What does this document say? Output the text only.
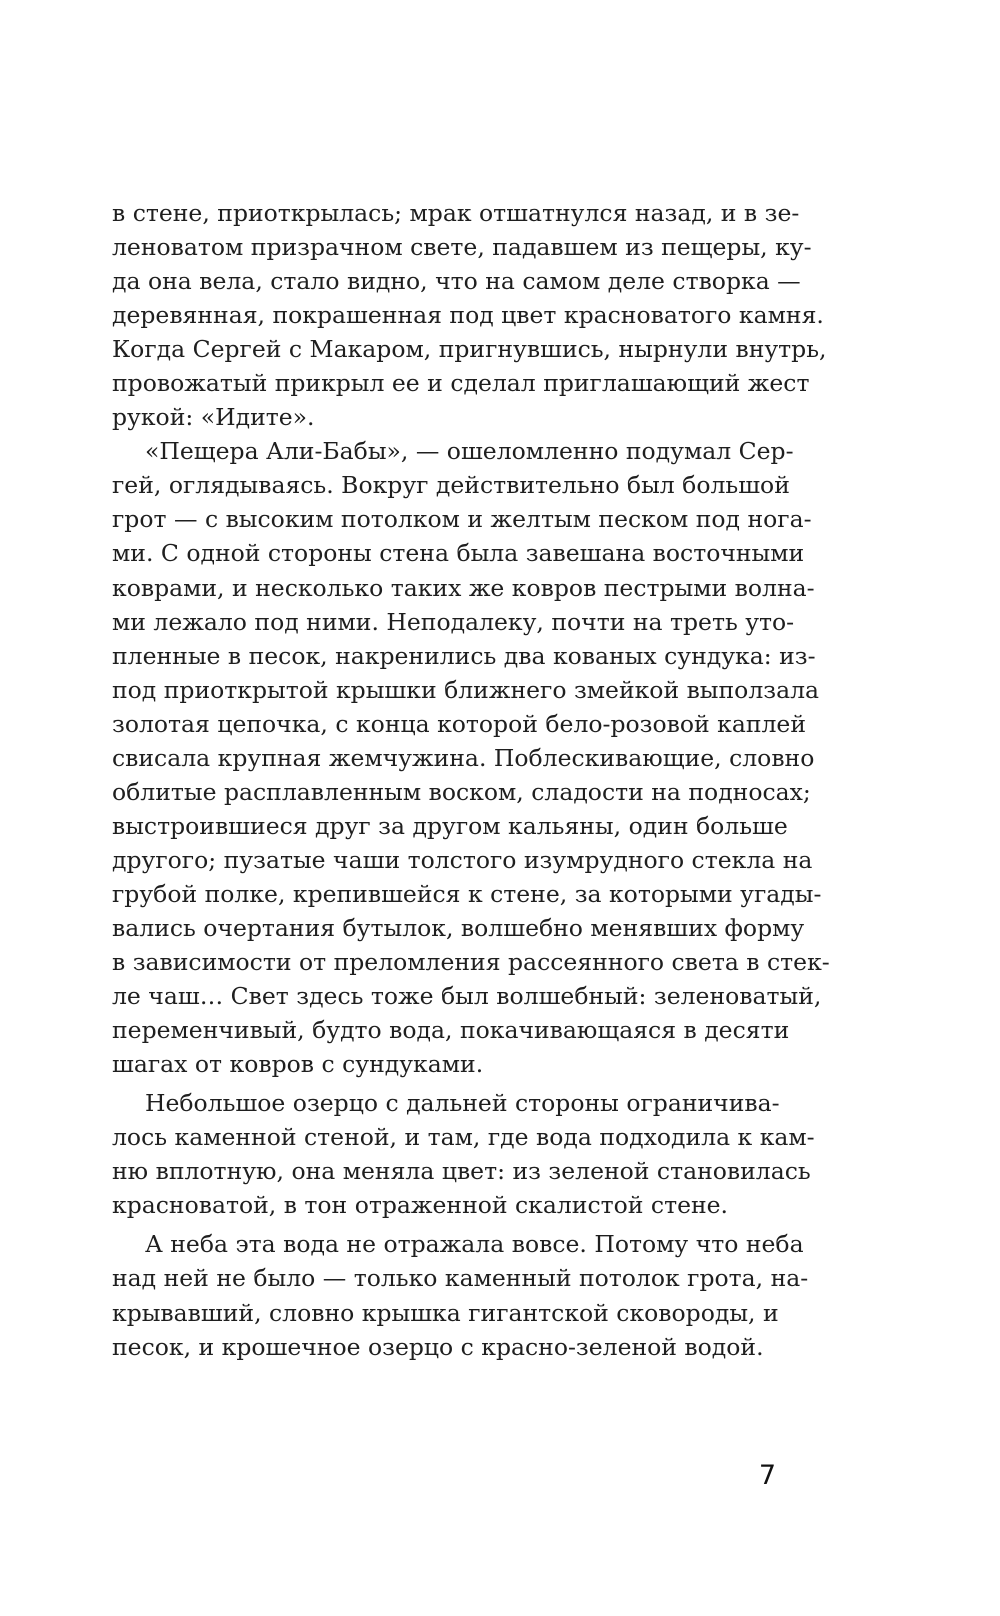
в стене, приоткрылась; мрак отшатнулся назад, и в зе-
леноватом призрачном свете, падавшем из пещеры, ку-
да она вела, стало видно, что на самом деле створка —
деревянная, покрашенная под цвет красноватого камня.
Когда Сергей с Макаром, пригнувшись, нырнули внутрь,
провожатый прикрыл ее и сделал приглашающий жест
рукой: «Идите».
«Пещера Али-Бабы», — ошеломленно подумал Сер-
гей, оглядываясь. Вокруг действительно был большой
грот — с высоким потолком и желтым песком под нога-
ми. С одной стороны стена была завешана восточными
коврами, и несколько таких же ковров пестрыми волна-
ми лежало под ними. Неподалеку, почти на треть уто-
пленные в песок, накренились два кованых сундука: из-
под приоткрытой крышки ближнего змейкой выползала
золотая цепочка, с конца которой бело-розовой каплей
свисала крупная жемчужина. Поблескивающие, словно
облитые расплавленным воском, сладости на подносах;
выстроившиеся друг за другом кальяны, один больше
другого; пузатые чаши толстого изумрудного стекла на
грубой полке, крепившейся к стене, за которыми угады-
вались очертания бутылок, волшебно менявших форму
в зависимости от преломления рассеянного света в стек-
ле чаш… Свет здесь тоже был волшебный: зеленоватый,
переменчивый, будто вода, покачивающаяся в десяти
шагах от ковров с сундуками.
Небольшое озерцо с дальней стороны ограничива-
лось каменной стеной, и там, где вода подходила к кам-
ню вплотную, она меняла цвет: из зеленой становилась
красноватой, в тон отраженной скалистой стене.
А неба эта вода не отражала вовсе. Потому что неба
над ней не было — только каменный потолок грота, на-
крывавший, словно крышка гигантской сковороды, и
песок, и крошечное озерцо с красно-зеленой водой.
7
